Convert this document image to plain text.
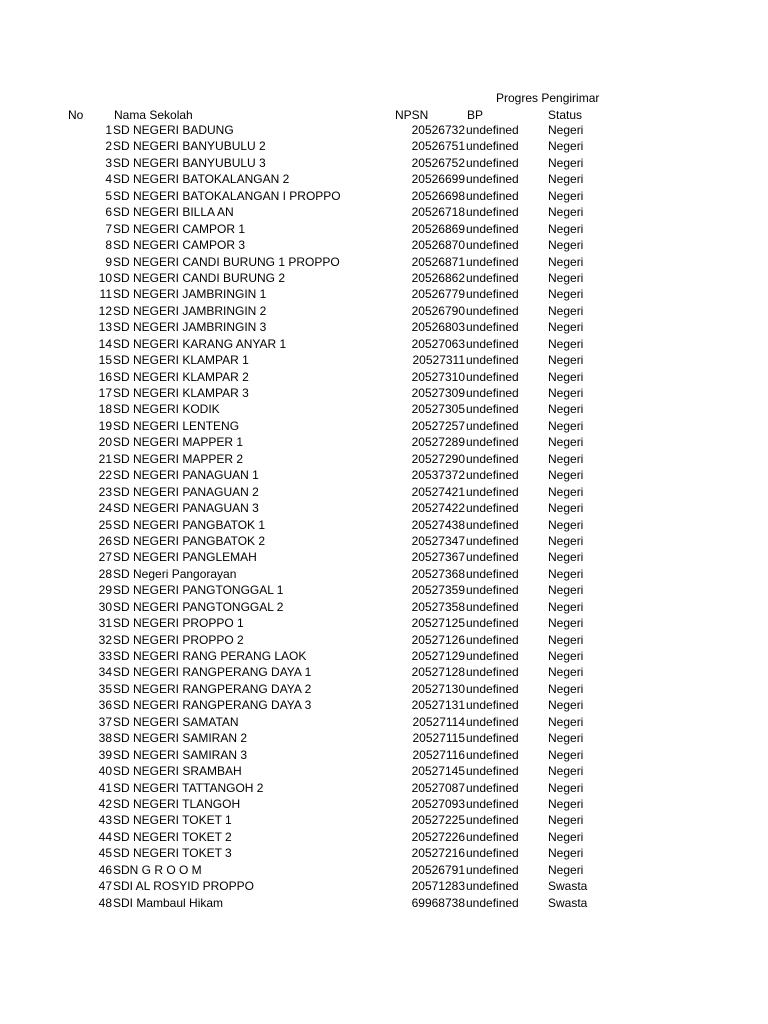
Progres Pengirimar
No	Nama Sekolah	NPSN	BP	Status
1 SD NEGERI BADUNG	20526732 undefined Negeri
2 SD NEGERI BANYUBULU 2	20526751 undefined Negeri
3 SD NEGERI BANYUBULU 3	20526752 undefined Negeri
4 SD NEGERI BATOKALANGAN 2	20526699 undefined Negeri
5 SD NEGERI BATOKALANGAN I PROPPO	20526698 undefined Negeri
6 SD NEGERI BILLA AN	20526718 undefined Negeri
7 SD NEGERI CAMPOR 1	20526869 undefined Negeri
8 SD NEGERI CAMPOR 3	20526870 undefined Negeri
9 SD NEGERI CANDI BURUNG 1 PROPPO	20526871 undefined Negeri
10 SD NEGERI CANDI BURUNG 2	20526862 undefined Negeri
11 SD NEGERI JAMBRINGIN 1	20526779 undefined Negeri
12 SD NEGERI JAMBRINGIN 2	20526790 undefined Negeri
13 SD NEGERI JAMBRINGIN 3	20526803 undefined Negeri
14 SD NEGERI KARANG ANYAR 1	20527063 undefined Negeri
15 SD NEGERI KLAMPAR 1	20527311 undefined Negeri
16 SD NEGERI KLAMPAR 2	20527310 undefined Negeri
17 SD NEGERI KLAMPAR 3	20527309 undefined Negeri
18 SD NEGERI KODIK	20527305 undefined Negeri
19 SD NEGERI LENTENG	20527257 undefined Negeri
20 SD NEGERI MAPPER 1	20527289 undefined Negeri
21 SD NEGERI MAPPER 2	20527290 undefined Negeri
22 SD NEGERI PANAGUAN 1	20537372 undefined Negeri
23 SD NEGERI PANAGUAN 2	20527421 undefined Negeri
24 SD NEGERI PANAGUAN 3	20527422 undefined Negeri
25 SD NEGERI PANGBATOK 1	20527438 undefined Negeri
26 SD NEGERI PANGBATOK 2	20527347 undefined Negeri
27 SD NEGERI PANGLEMAH	20527367 undefined Negeri
28 SD Negeri Pangorayan	20527368 undefined Negeri
29 SD NEGERI PANGTONGGAL 1	20527359 undefined Negeri
30 SD NEGERI PANGTONGGAL 2	20527358 undefined Negeri
31 SD NEGERI PROPPO 1	20527125 undefined Negeri
32 SD NEGERI PROPPO 2	20527126 undefined Negeri
33 SD NEGERI RANG PERANG LAOK	20527129 undefined Negeri
34 SD NEGERI RANGPERANG DAYA 1	20527128 undefined Negeri
35 SD NEGERI RANGPERANG DAYA 2	20527130 undefined Negeri
36 SD NEGERI RANGPERANG DAYA 3	20527131 undefined Negeri
37 SD NEGERI SAMATAN	20527114 undefined Negeri
38 SD NEGERI SAMIRAN 2	20527115 undefined Negeri
39 SD NEGERI SAMIRAN 3	20527116 undefined Negeri
40 SD NEGERI SRAMBAH	20527145 undefined Negeri
41 SD NEGERI TATTANGOH 2	20527087 undefined Negeri
42 SD NEGERI TLANGOH	20527093 undefined Negeri
43 SD NEGERI TOKET 1	20527225 undefined Negeri
44 SD NEGERI TOKET 2	20527226 undefined Negeri
45 SD NEGERI TOKET 3	20527216 undefined Negeri
46 SDN G R O O M	20526791 undefined Negeri
47 SDI AL ROSYID PROPPO	20571283 undefined Swasta
48 SDI Mambaul Hikam	69968738 undefined Swasta
